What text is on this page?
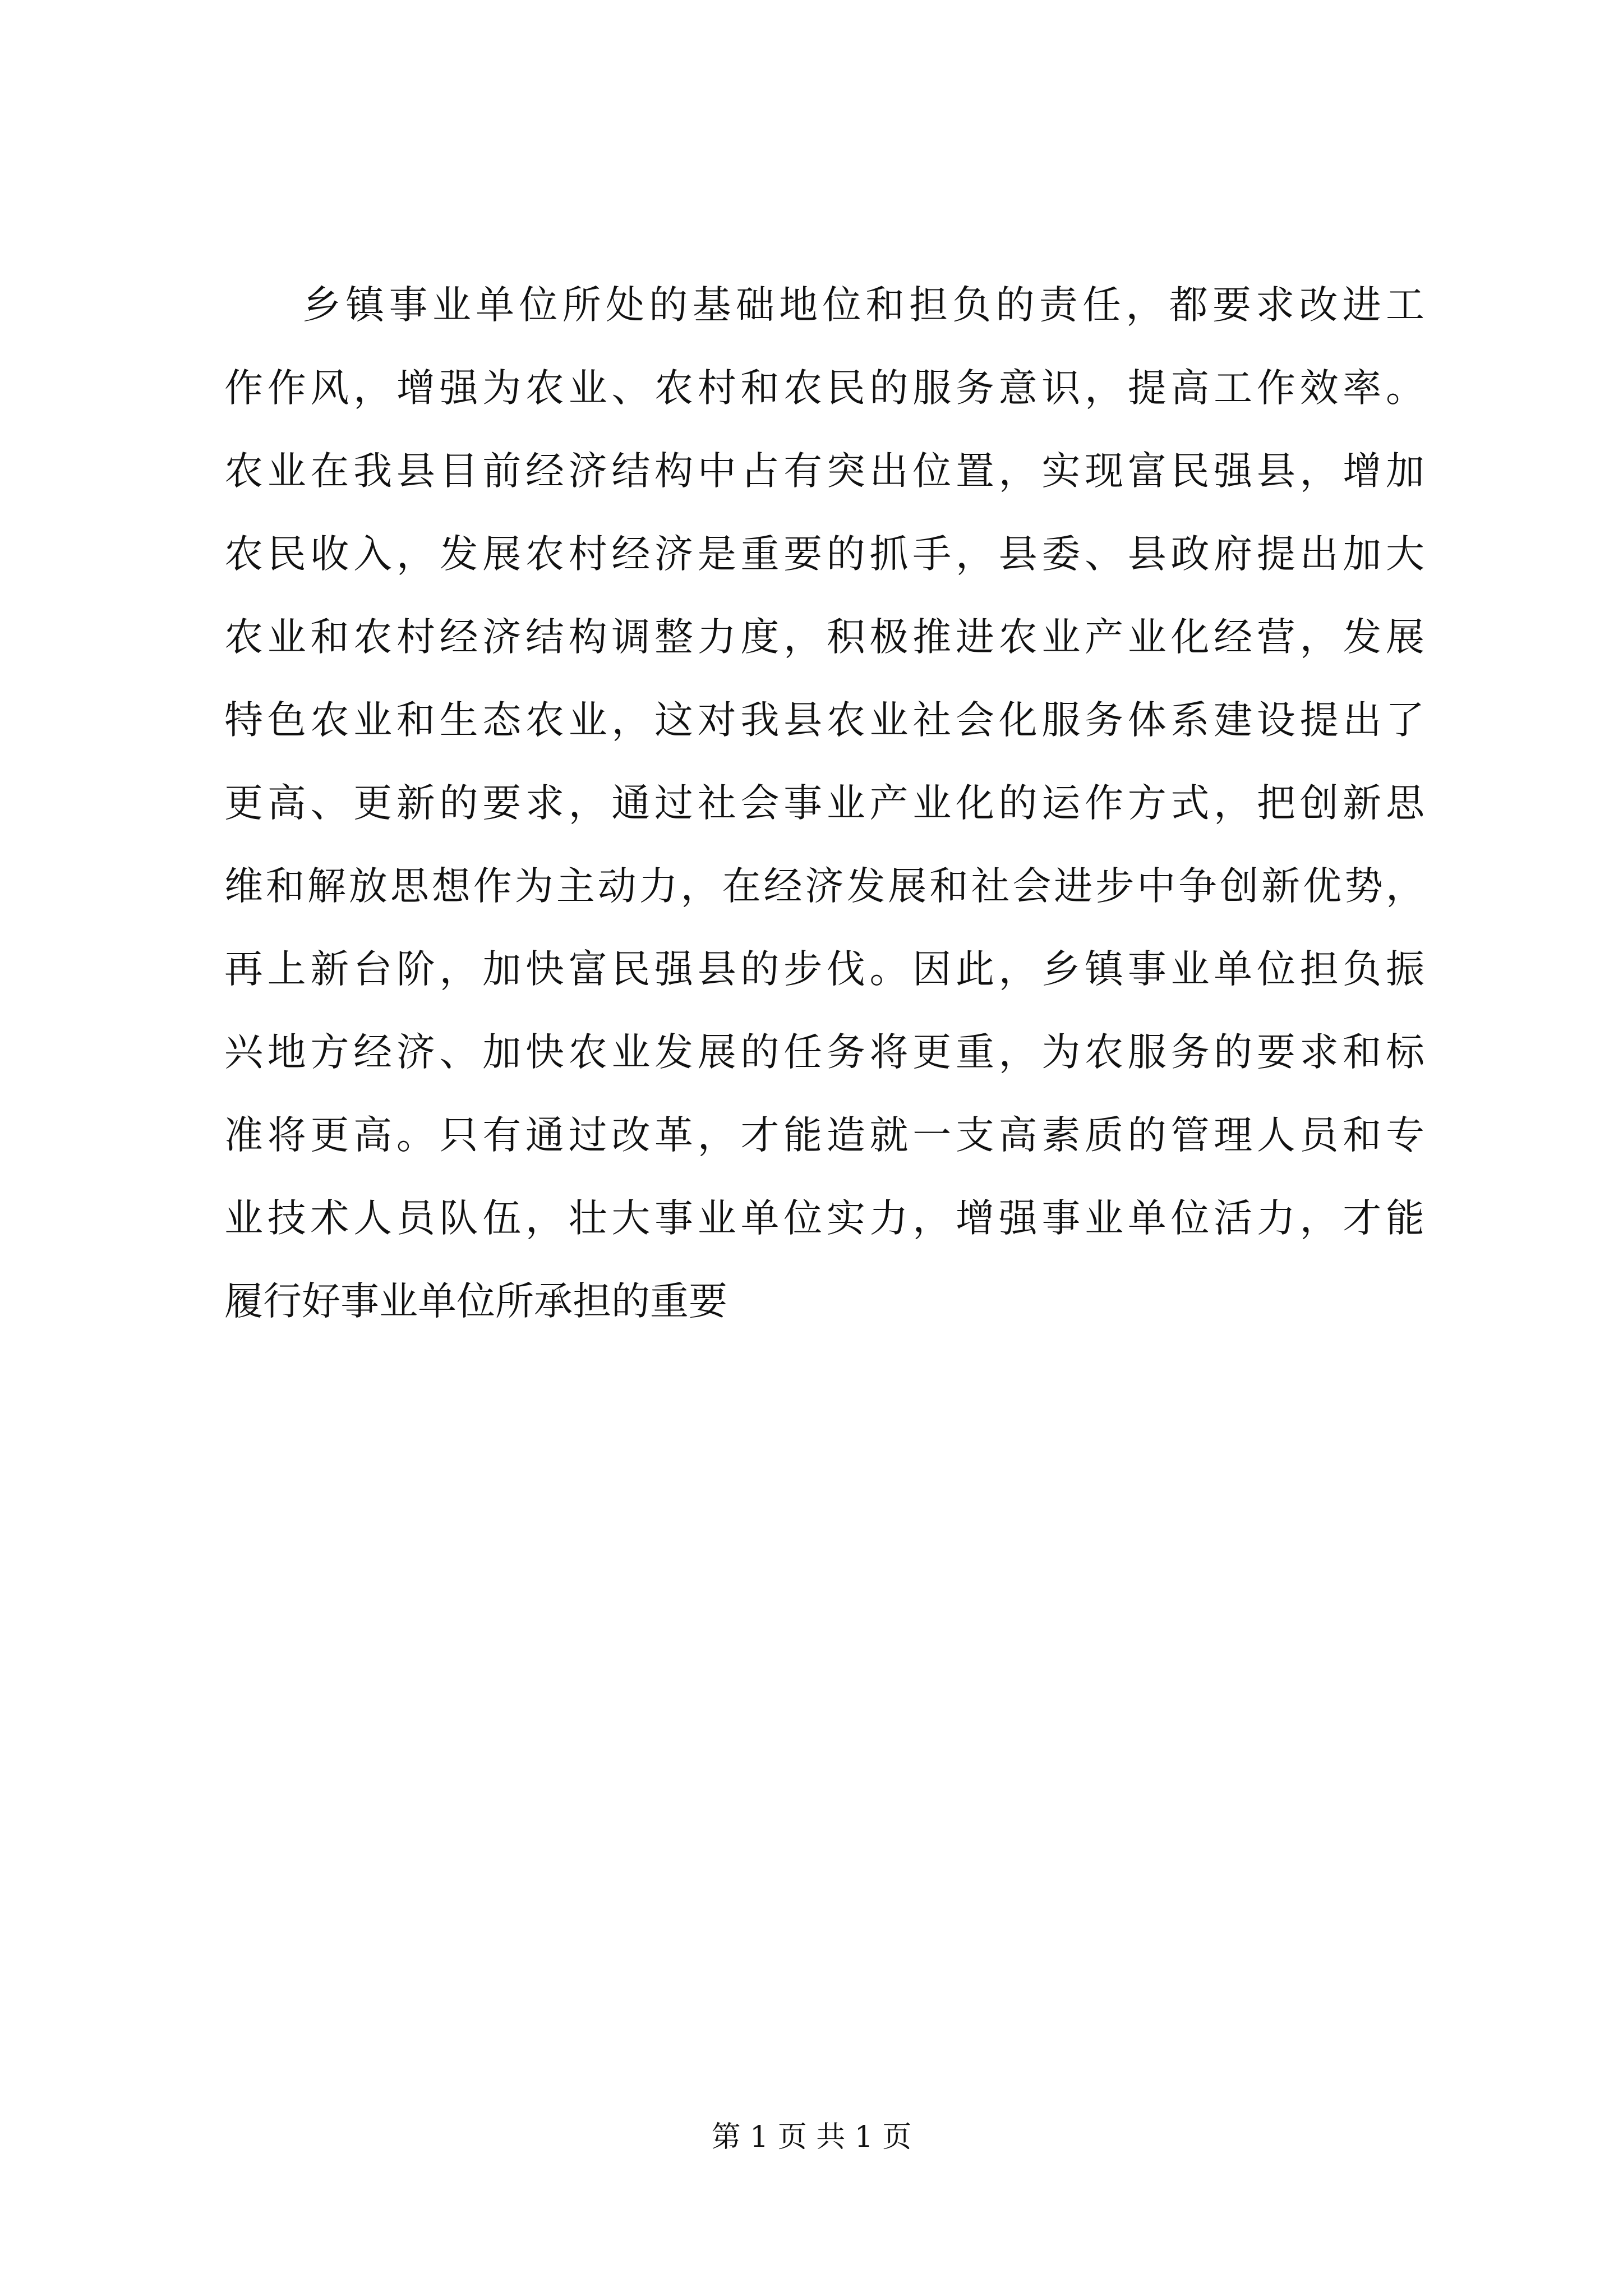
乡镇事业单位所处的基础地位和担负的责任，都要求改进工
作作风，增强为农业、农村和农民的服务意识，提高工作效率。
农业在我县目前经济结构中占有突出位置，实现富民强县，增加
农民收入，发展农村经济是重要的抓手，县委、县政府提出加大
农业和农村经济结构调整力度，积极推进农业产业化经营，发展
特色农业和生态农业，这对我县农业社会化服务体系建设提出了
更高、更新的要求，通过社会事业产业化的运作方式，把创新思
维和解放思想作为主动力，在经济发展和社会进步中争创新优势，
再上新台阶，加快富民强县的步伐。因此，乡镇事业单位担负振
兴地方经济、加快农业发展的任务将更重，为农服务的要求和标
准将更高。只有通过改革，才能造就一支高素质的管理人员和专
业技术人员队伍，壮大事业单位实力，增强事业单位活力，才能
履行好事业单位所承担的重要
第 1 页 共 1 页
